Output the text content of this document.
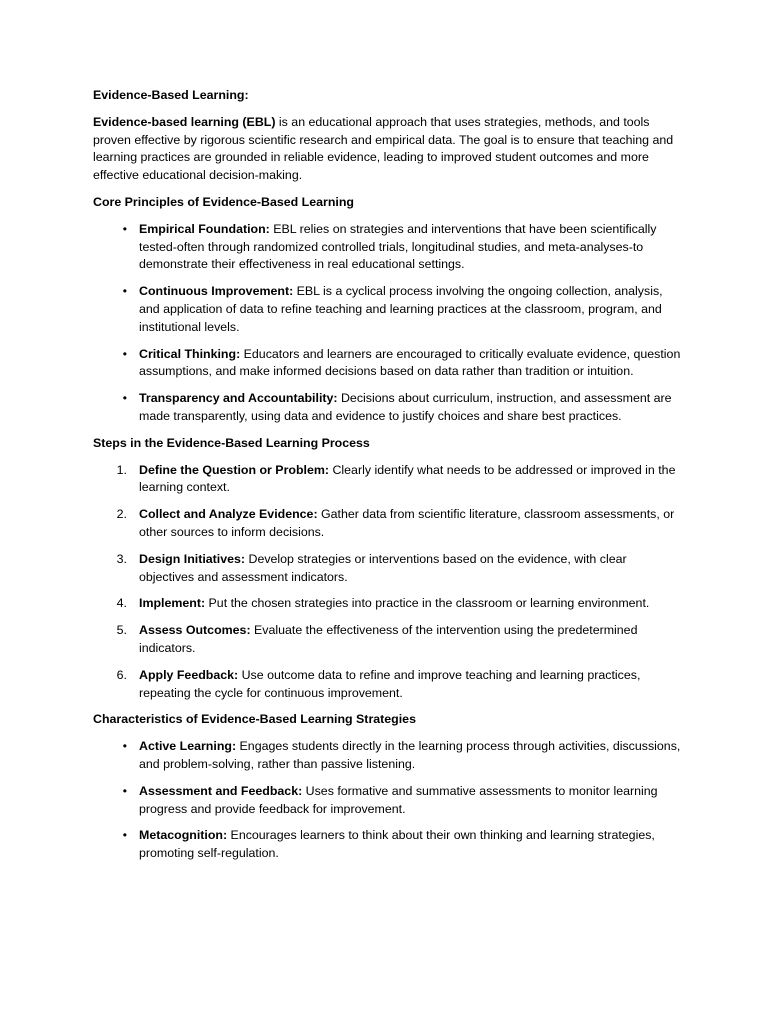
Evidence-Based Learning:

Evidence-based learning (EBL) is an educational approach that uses strategies, methods, and tools proven effective by rigorous scientific research and empirical data. The goal is to ensure that teaching and learning practices are grounded in reliable evidence, leading to improved student outcomes and more effective educational decision-making.

Core Principles of Evidence-Based Learning

• Empirical Foundation: EBL relies on strategies and interventions that have been scientifically tested-often through randomized controlled trials, longitudinal studies, and meta-analyses-to demonstrate their effectiveness in real educational settings.
• Continuous Improvement: EBL is a cyclical process involving the ongoing collection, analysis, and application of data to refine teaching and learning practices at the classroom, program, and institutional levels.
• Critical Thinking: Educators and learners are encouraged to critically evaluate evidence, question assumptions, and make informed decisions based on data rather than tradition or intuition.
• Transparency and Accountability: Decisions about curriculum, instruction, and assessment are made transparently, using data and evidence to justify choices and share best practices.

Steps in the Evidence-Based Learning Process

1. Define the Question or Problem: Clearly identify what needs to be addressed or improved in the learning context.
2. Collect and Analyze Evidence: Gather data from scientific literature, classroom assessments, or other sources to inform decisions.
3. Design Initiatives: Develop strategies or interventions based on the evidence, with clear objectives and assessment indicators.
4. Implement: Put the chosen strategies into practice in the classroom or learning environment.
5. Assess Outcomes: Evaluate the effectiveness of the intervention using the predetermined indicators.
6. Apply Feedback: Use outcome data to refine and improve teaching and learning practices, repeating the cycle for continuous improvement.

Characteristics of Evidence-Based Learning Strategies

• Active Learning: Engages students directly in the learning process through activities, discussions, and problem-solving, rather than passive listening.
• Assessment and Feedback: Uses formative and summative assessments to monitor learning progress and provide feedback for improvement.
• Metacognition: Encourages learners to think about their own thinking and learning strategies, promoting self-regulation.
